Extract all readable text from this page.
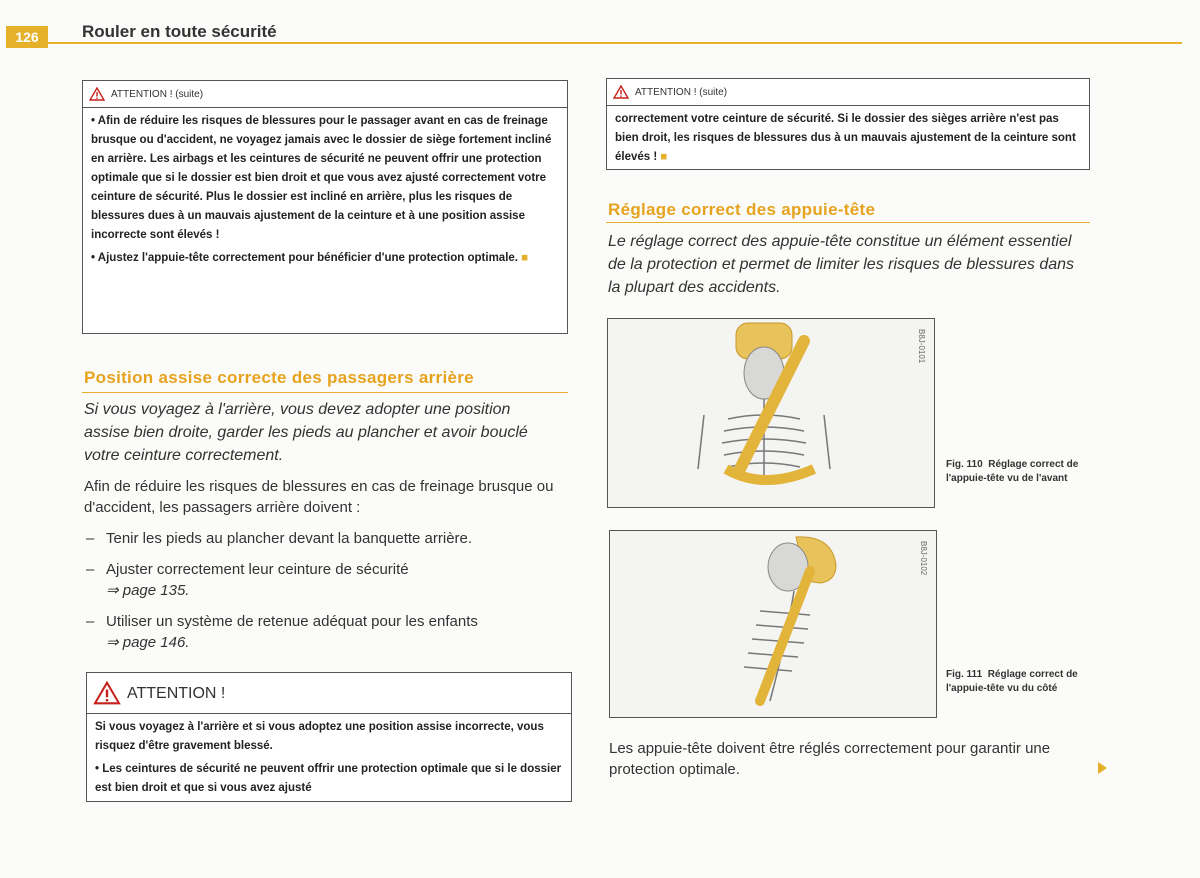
126	Rouler en toute sécurité
ATTENTION ! (suite)

• Afin de réduire les risques de blessures pour le passager avant en cas de freinage brusque ou d'accident, ne voyagez jamais avec le dossier de siège fortement incliné en arrière. Les airbags et les ceintures de sécurité ne peuvent offrir une protection optimale que si le dossier est bien droit et que vous avez ajusté correctement votre ceinture de sécurité. Plus le dossier est incliné en arrière, plus les risques de blessures dues à un mauvais ajustement de la ceinture et à une position assise incorrecte sont élevés !

• Ajustez l'appuie-tête correctement pour bénéficier d'une protection optimale. ■

Position assise correcte des passagers arrière
Si vous voyagez à l'arrière, vous devez adopter une position assise bien droite, garder les pieds au plancher et avoir bouclé votre ceinture correctement.
Afin de réduire les risques de blessures en cas de freinage brusque ou d'accident, les passagers arrière doivent :
– Tenir les pieds au plancher devant la banquette arrière.
– Ajuster correctement leur ceinture de sécurité
⇒ page 135.
– Utiliser un système de retenue adéquat pour les enfants
⇒ page 146.
ATTENTION !

Si vous voyagez à l'arrière et si vous adoptez une position assise incorrecte, vous risquez d'être gravement blessé.

• Les ceintures de sécurité ne peuvent offrir une protection optimale que si le dossier est bien droit et que si vous avez ajusté

ATTENTION ! (suite)

correctement votre ceinture de sécurité. Si le dossier des sièges arrière n'est pas bien droit, les risques de blessures dus à un mauvais ajustement de la ceinture sont élevés ! ■

Réglage correct des appuie-tête
Le réglage correct des appuie-tête constitue un élément essentiel de la protection et permet de limiter les risques de blessures dans la plupart des accidents.
B8J-0101
Fig. 110 Réglage correct de l'appuie-tête vu de l'avant
B8J-0102
Fig. 111 Réglage correct de l'appuie-tête vu du côté
Les appuie-tête doivent être réglés correctement pour garantir une protection optimale.
